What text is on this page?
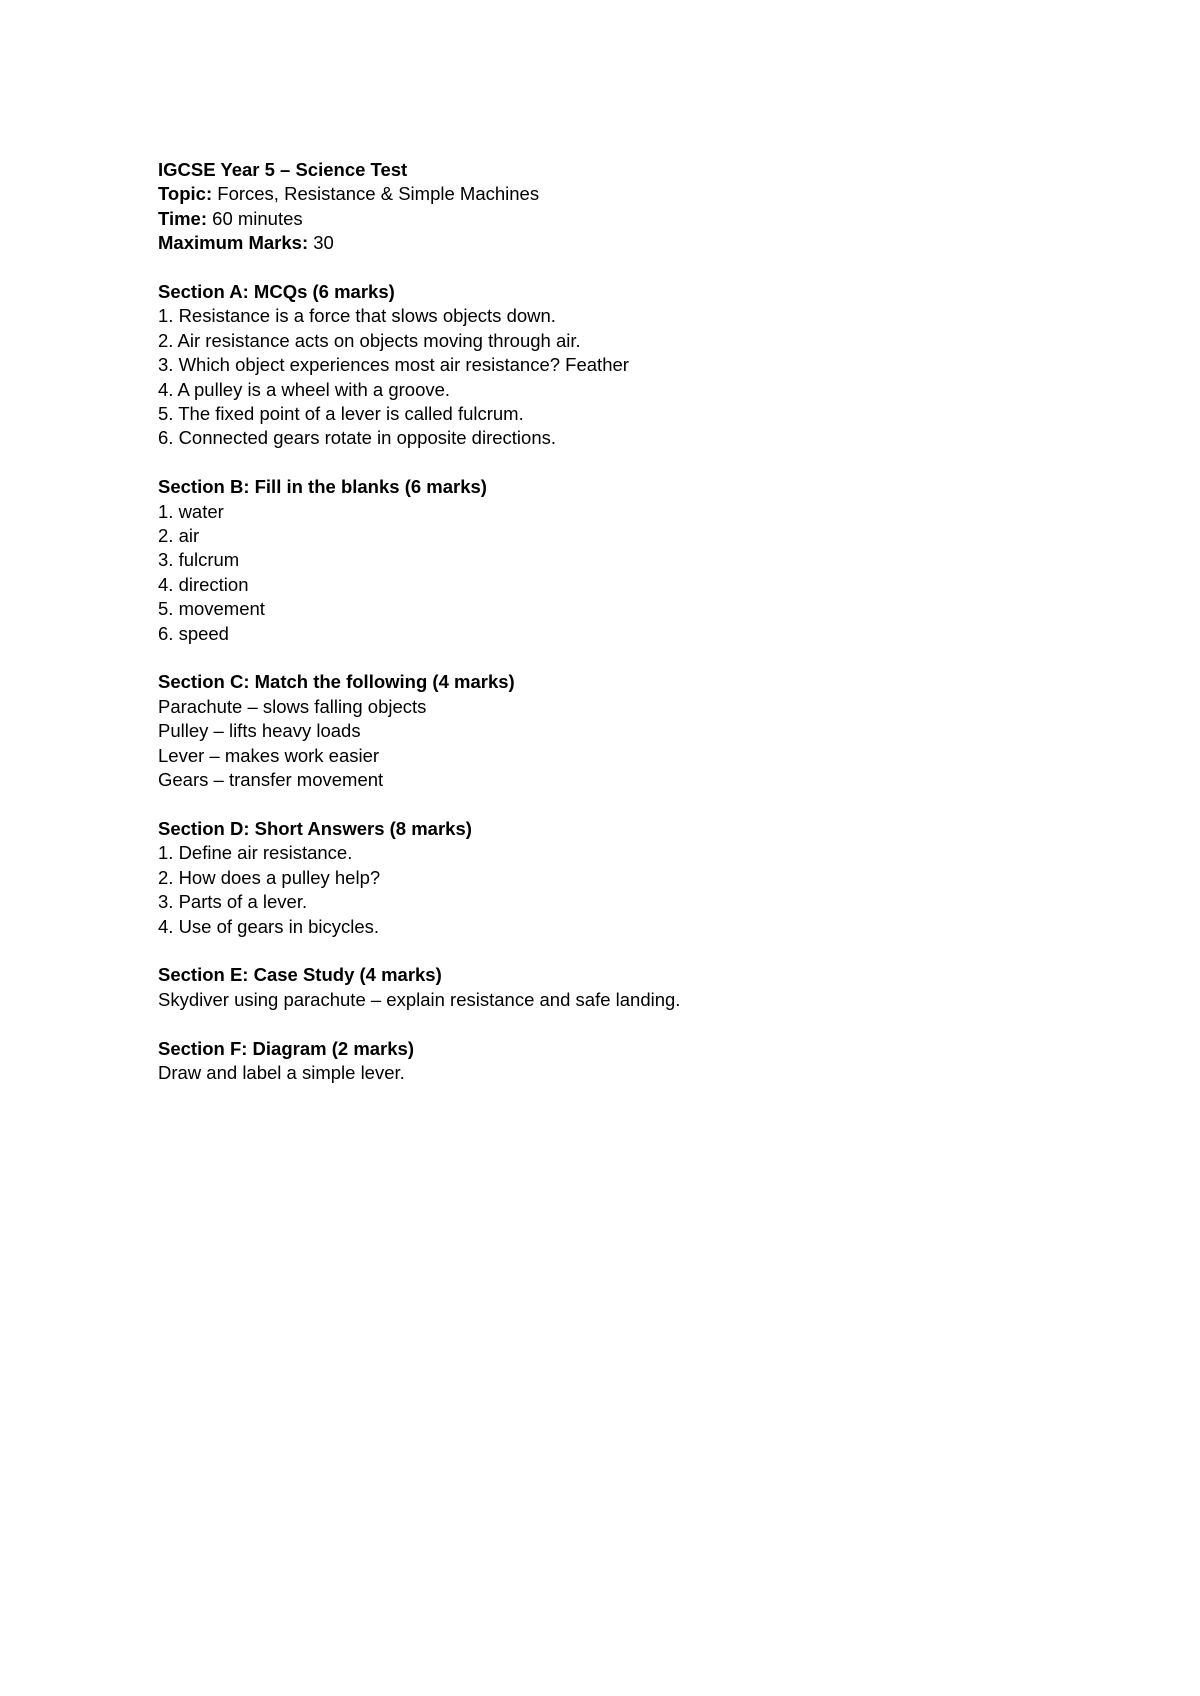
IGCSE Year 5 – Science Test

Topic: Forces, Resistance & Simple Machines

Time: 60 minutes

Maximum Marks: 30

Section A: MCQs (6 marks)

1. Resistance is a force that slows objects down.

2. Air resistance acts on objects moving through air.

3. Which object experiences most air resistance? Feather

4. A pulley is a wheel with a groove.

5. The fixed point of a lever is called fulcrum.

6. Connected gears rotate in opposite directions.

Section B: Fill in the blanks (6 marks)

1. water

2. air

3. fulcrum

4. direction

5. movement

6. speed

Section C: Match the following (4 marks)

Parachute – slows falling objects

Pulley – lifts heavy loads

Lever – makes work easier

Gears – transfer movement

Section D: Short Answers (8 marks)

1. Define air resistance.

2. How does a pulley help?

3. Parts of a lever.

4. Use of gears in bicycles.

Section E: Case Study (4 marks)

Skydiver using parachute – explain resistance and safe landing.

Section F: Diagram (2 marks)

Draw and label a simple lever.
